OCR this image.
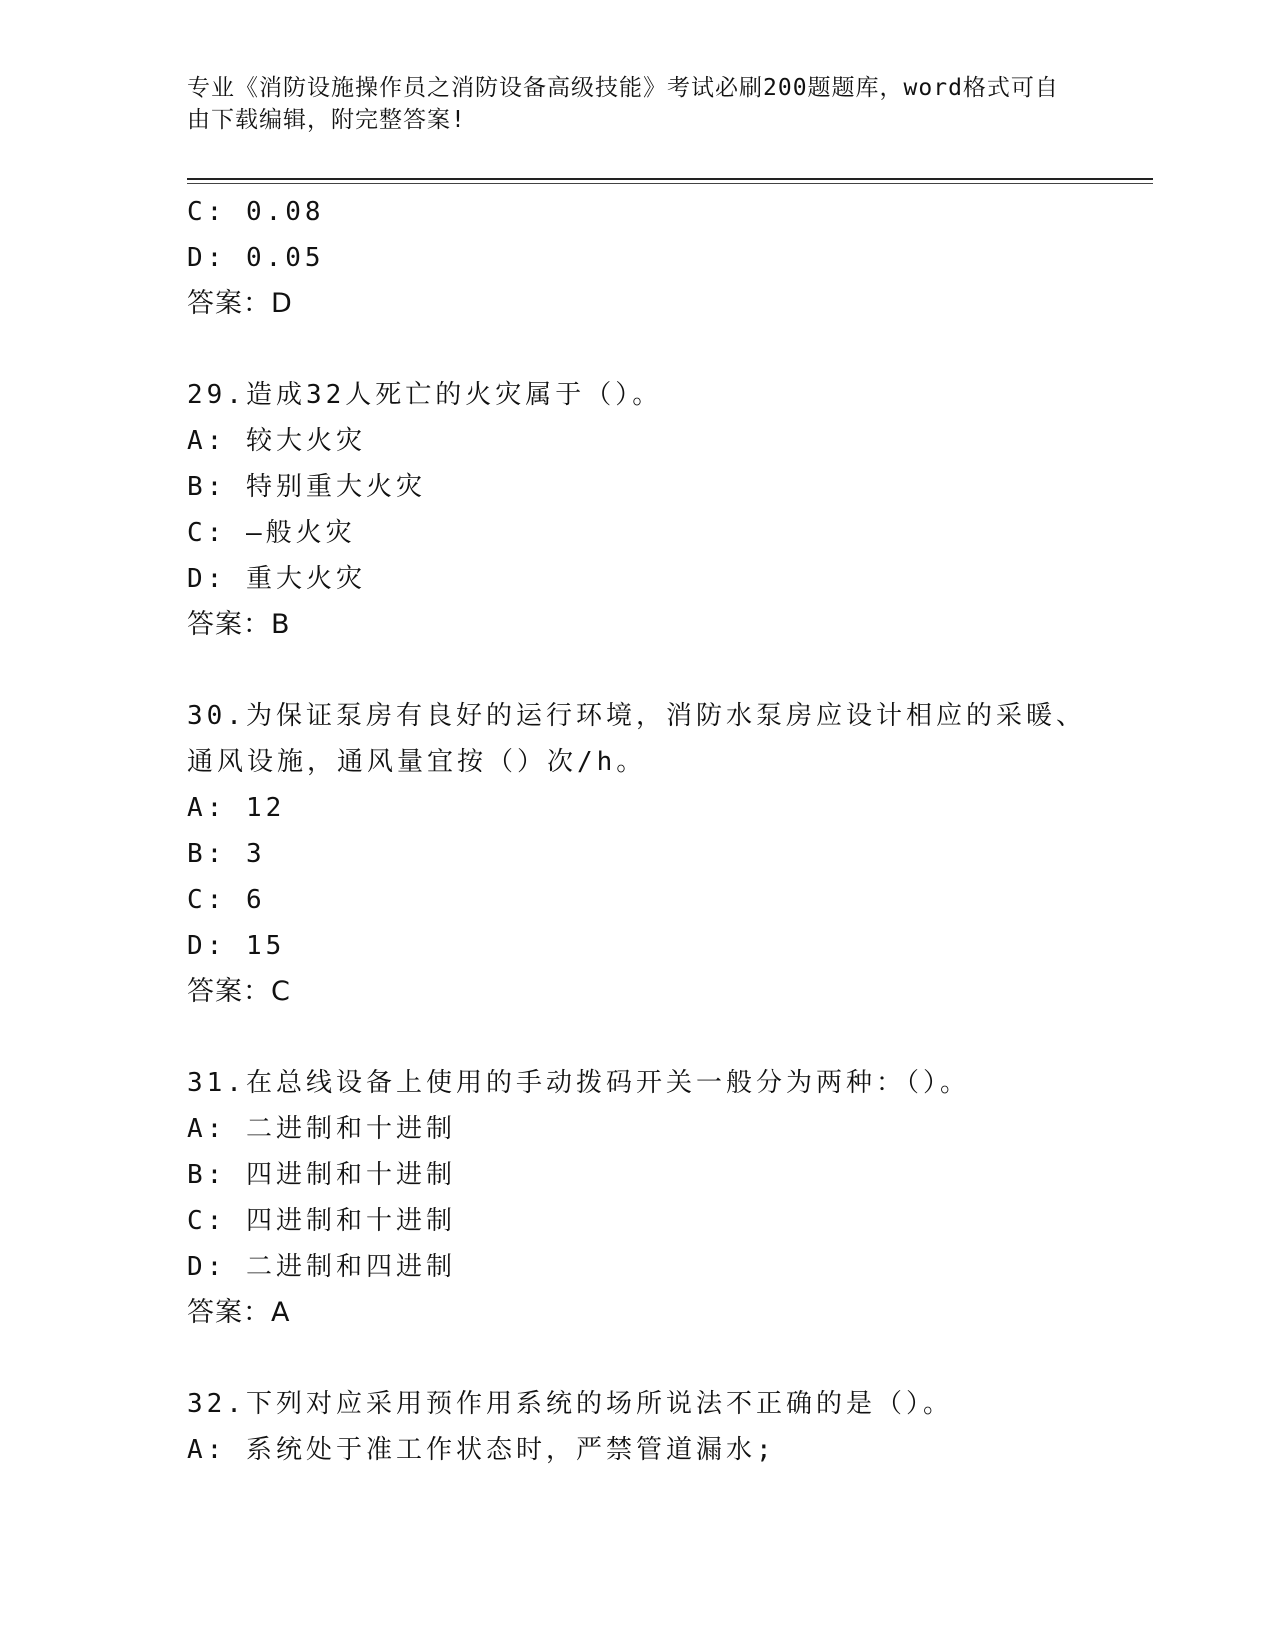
专业《消防设施操作员之消防设备高级技能》考试必刷200题题库，word格式可自由下载编辑，附完整答案!
C: 0.08
D: 0.05
答案：D
29.造成32人死亡的火灾属于（）。
A: 较大火灾
B: 特别重大火灾
C: —般火灾
D: 重大火灾
答案：B
30.为保证泵房有良好的运行环境，消防水泵房应设计相应的采暖、通风设施，通风量宜按（）次/h。
A: 12
B: 3
C: 6
D: 15
答案：C
31.在总线设备上使用的手动拨码开关一般分为两种：（）。
A: 二进制和十进制
B: 四进制和十进制
C: 四进制和十进制
D: 二进制和四进制
答案：A
32.下列对应采用预作用系统的场所说法不正确的是（）。
A: 系统处于准工作状态时，严禁管道漏水;
